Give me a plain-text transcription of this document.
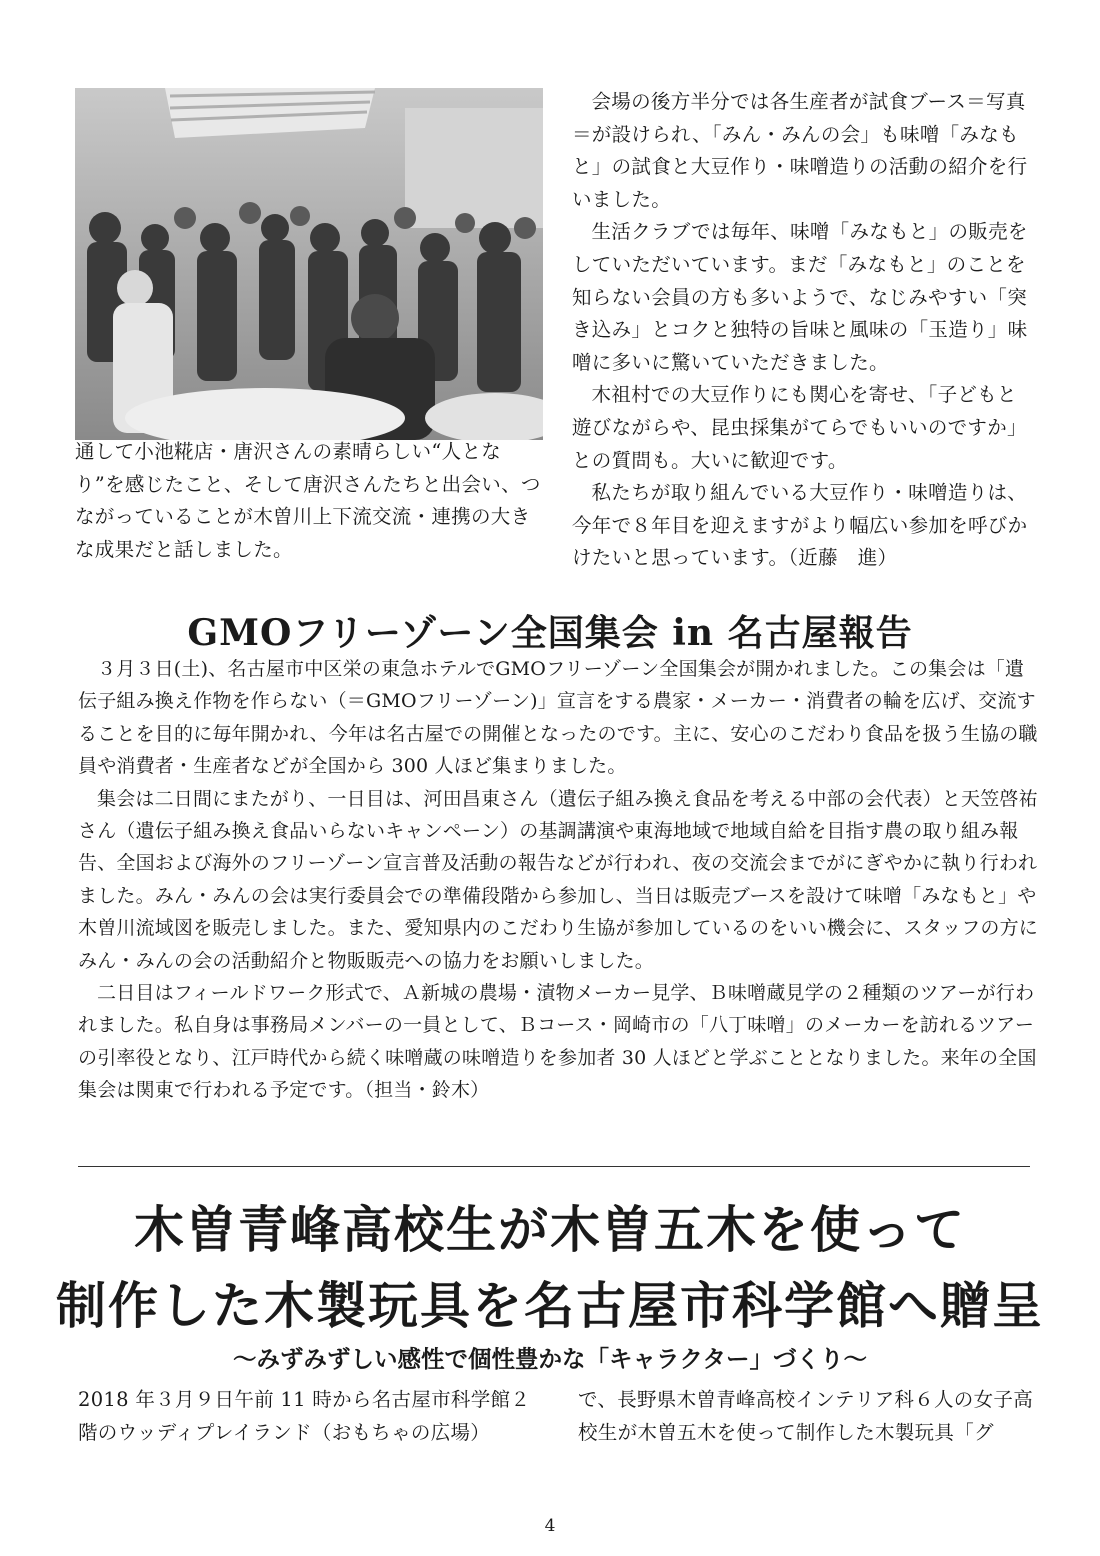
通して小池糀店・唐沢さんの素晴らしい“人となり”を感じたこと、そして唐沢さんたちと出会い、つながっていることが木曽川上下流交流・連携の大きな成果だと話しました。

会場の後方半分では各生産者が試食ブース＝写真＝が設けられ、「みん・みんの会」も味噌「みなもと」の試食と大豆作り・味噌造りの活動の紹介を行いました。

生活クラブでは毎年、味噌「みなもと」の販売をしていただいています。まだ「みなもと」のことを知らない会員の方も多いようで、なじみやすい「突き込み」とコクと独特の旨味と風味の「玉造り」味噌に多いに驚いていただきました。

木祖村での大豆作りにも関心を寄せ、「子どもと遊びながらや、昆虫採集がてらでもいいのですか」との質問も。大いに歓迎です。

私たちが取り組んでいる大豆作り・味噌造りは、今年で８年目を迎えますがより幅広い参加を呼びかけたいと思っています。（近藤　進）

GMOフリーゾーン全国集会 in 名古屋報告

３月３日(土)、名古屋市中区栄の東急ホテルでGMOフリーゾーン全国集会が開かれました。この集会は「遺伝子組み換え作物を作らない（＝GMOフリーゾーン)」宣言をする農家・メーカー・消費者の輪を広げ、交流することを目的に毎年開かれ、今年は名古屋での開催となったのです。主に、安心のこだわり食品を扱う生協の職員や消費者・生産者などが全国から 300 人ほど集まりました。

集会は二日間にまたがり、一日目は、河田昌東さん（遺伝子組み換え食品を考える中部の会代表）と天笠啓祐さん（遺伝子組み換え食品いらないキャンペーン）の基調講演や東海地域で地域自給を目指す農の取り組み報告、全国および海外のフリーゾーン宣言普及活動の報告などが行われ、夜の交流会までがにぎやかに執り行われました。みん・みんの会は実行委員会での準備段階から参加し、当日は販売ブースを設けて味噌「みなもと」や木曽川流域図を販売しました。また、愛知県内のこだわり生協が参加しているのをいい機会に、スタッフの方にみん・みんの会の活動紹介と物販販売への協力をお願いしました。

二日目はフィールドワーク形式で、Ａ新城の農場・漬物メーカー見学、Ｂ味噌蔵見学の２種類のツアーが行われました。私自身は事務局メンバーの一員として、Ｂコース・岡崎市の「八丁味噌」のメーカーを訪れるツアーの引率役となり、江戸時代から続く味噌蔵の味噌造りを参加者 30 人ほどと学ぶこととなりました。来年の全国集会は関東で行われる予定です。（担当・鈴木）

木曽青峰高校生が木曽五木を使って
制作した木製玩具を名古屋市科学館へ贈呈
～みずみずしい感性で個性豊かな「キャラクター」づくり～

2018 年３月９日午前 11 時から名古屋市科学館２階のウッディプレイランド（おもちゃの広場）

で、長野県木曽青峰高校インテリア科６人の女子高校生が木曽五木を使って制作した木製玩具「グ

4
